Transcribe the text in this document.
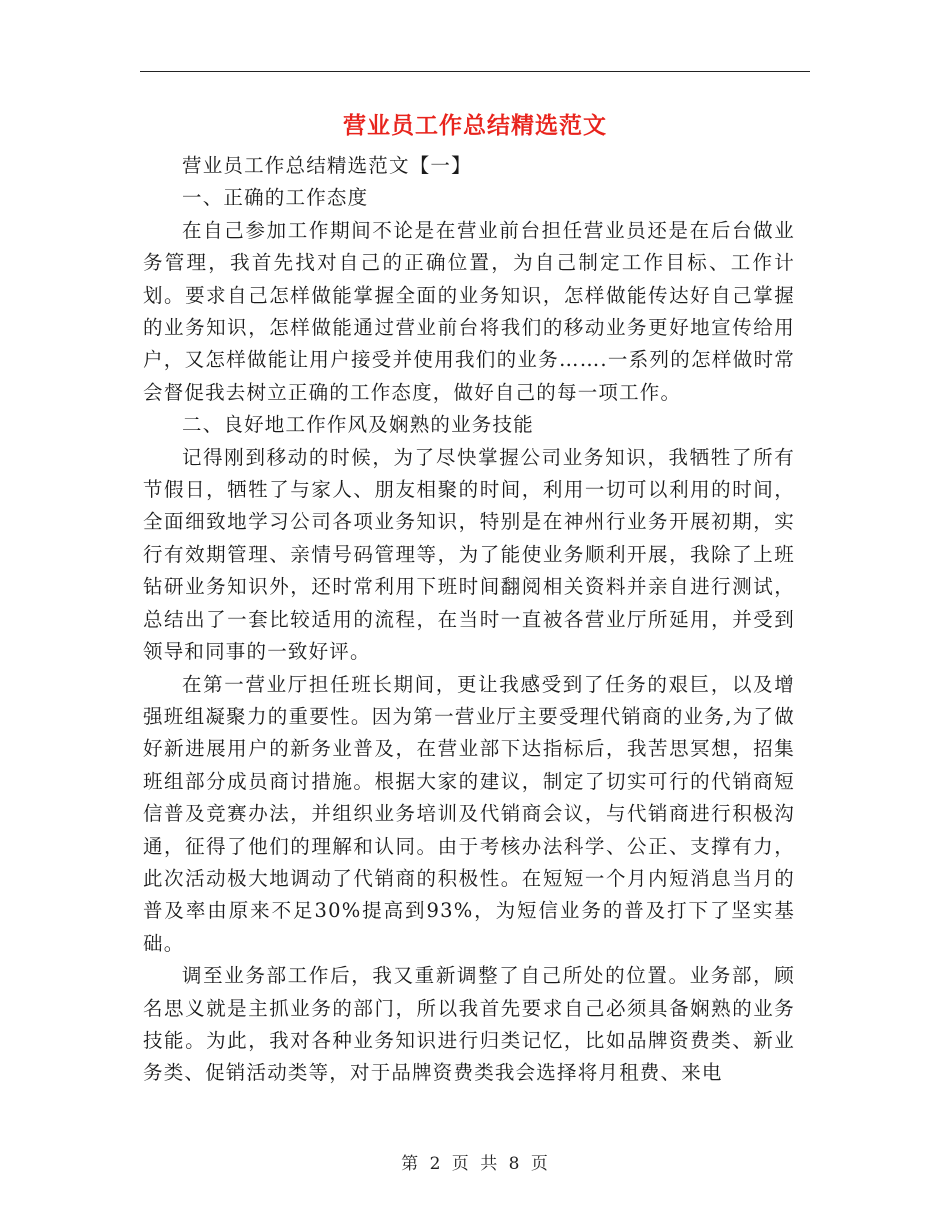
营业员工作总结精选范文

营业员工作总结精选范文【一】

一、正确的工作态度

在自己参加工作期间不论是在营业前台担任营业员还是在后台做业务管理，我首先找对自己的正确位置，为自己制定工作目标、工作计划。要求自己怎样做能掌握全面的业务知识，怎样做能传达好自己掌握的业务知识，怎样做能通过营业前台将我们的移动业务更好地宣传给用户，又怎样做能让用户接受并使用我们的业务…….一系列的怎样做时常会督促我去树立正确的工作态度，做好自己的每一项工作。

二、良好地工作作风及娴熟的业务技能

记得刚到移动的时候，为了尽快掌握公司业务知识，我牺牲了所有节假日，牺牲了与家人、朋友相聚的时间，利用一切可以利用的时间，全面细致地学习公司各项业务知识，特别是在神州行业务开展初期，实行有效期管理、亲情号码管理等，为了能使业务顺利开展，我除了上班钻研业务知识外，还时常利用下班时间翻阅相关资料并亲自进行测试，总结出了一套比较适用的流程，在当时一直被各营业厅所延用，并受到领导和同事的一致好评。

在第一营业厅担任班长期间，更让我感受到了任务的艰巨，以及增强班组凝聚力的重要性。因为第一营业厅主要受理代销商的业务,为了做好新进展用户的新务业普及，在营业部下达指标后，我苦思冥想，招集班组部分成员商讨措施。根据大家的建议，制定了切实可行的代销商短信普及竞赛办法，并组织业务培训及代销商会议，与代销商进行积极沟通，征得了他们的理解和认同。由于考核办法科学、公正、支撑有力，此次活动极大地调动了代销商的积极性。在短短一个月内短消息当月的普及率由原来不足30%提高到93%，为短信业务的普及打下了坚实基础。

调至业务部工作后，我又重新调整了自己所处的位置。业务部，顾名思义就是主抓业务的部门，所以我首先要求自己必须具备娴熟的业务技能。为此，我对各种业务知识进行归类记忆，比如品牌资费类、新业务类、促销活动类等，对于品牌资费类我会选择将月租费、来电

第 2 页 共 8 页
